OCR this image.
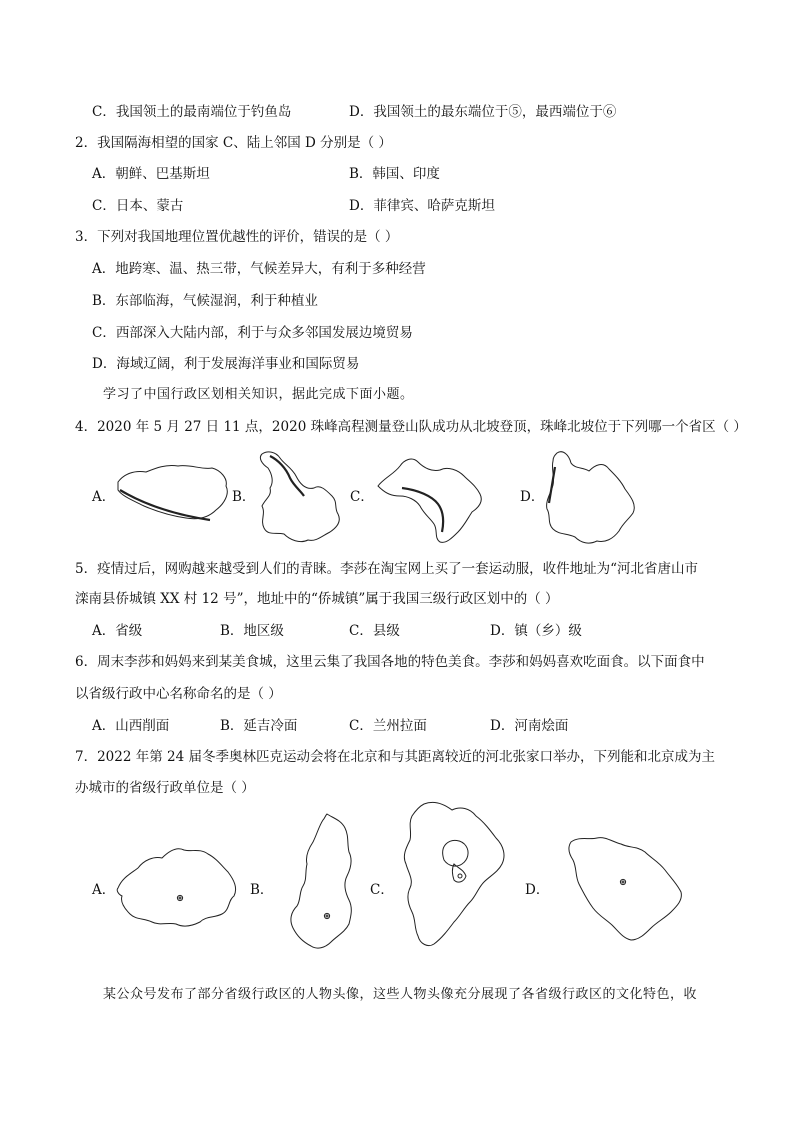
C．我国领土的最南端位于钓鱼岛	D．我国领土的最东端位于⑤，最西端位于⑥
2．我国隔海相望的国家 C、陆上邻国 D 分别是（ ）
A．朝鲜、巴基斯坦	B．韩国、印度
C．日本、蒙古	D．菲律宾、哈萨克斯坦
3．下列对我国地理位置优越性的评价，错误的是（ ）
A．地跨寒、温、热三带，气候差异大，有利于多种经营
B．东部临海，气候湿润，利于种植业
C．西部深入大陆内部，利于与众多邻国发展边境贸易
D．海域辽阔，利于发展海洋事业和国际贸易
学习了中国行政区划相关知识，据此完成下面小题。
4．2020 年 5 月 27 日 11 点，2020 珠峰高程测量登山队成功从北坡登顶，珠峰北坡位于下列哪一个省区（ ）
A．	B．	C．	D．
5．疫情过后，网购越来越受到人们的青睐。李莎在淘宝网上买了一套运动服，收件地址为“河北省唐山市
滦南县侨城镇 XX 村 12 号”，地址中的“侨城镇”属于我国三级行政区划中的（ ）
A．省级	B．地区级	C．县级	D．镇（乡）级
6．周末李莎和妈妈来到某美食城，这里云集了我国各地的特色美食。李莎和妈妈喜欢吃面食。以下面食中
以省级行政中心名称命名的是（ ）
A．山西削面	B．延吉冷面	C．兰州拉面	D．河南烩面
7．2022 年第 24 届冬季奥林匹克运动会将在北京和与其距离较近的河北张家口举办，下列能和北京成为主
办城市的省级行政单位是（ ）
A．	B．	C．	D．
某公众号发布了部分省级行政区的人物头像，这些人物头像充分展现了各省级行政区的文化特色，收
